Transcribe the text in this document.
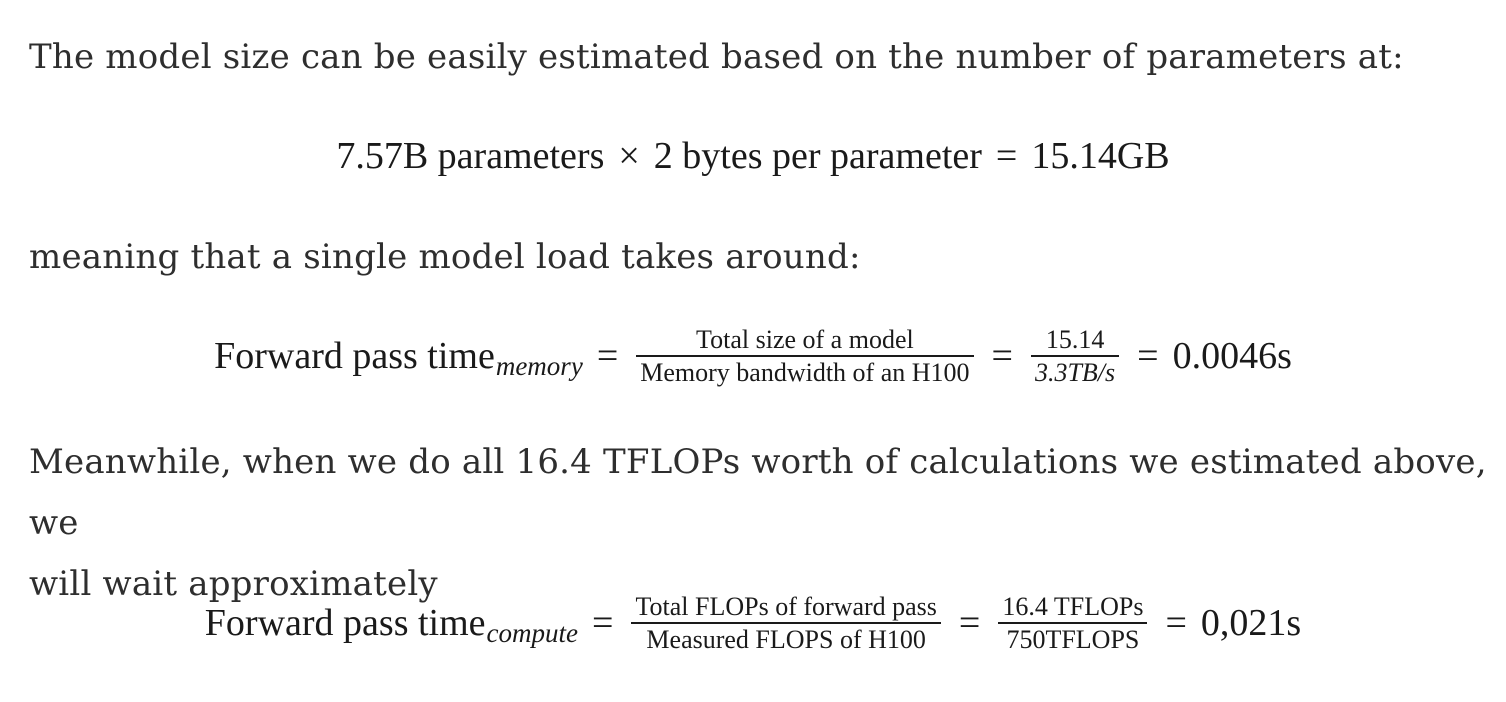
The model size can be easily estimated based on the number of parameters at:
7.57B parameters × 2 bytes per parameter = 15.14GB
meaning that a single model load takes around:
Forward pass time memory = $\frac{\text{Total size of a model}}{\text{Memory bandwidth of an H100}} = \frac{15.14}{3.3TB/s} = 0.0046s$
Meanwhile, when we do all 16.4 TFLOPs worth of calculations we estimated above, we
will wait approximately
Forward pass time compute = $\frac{\text{Total FLOPs of forward pass}}{\text{Measured FLOPS of H100}} = \frac{\text{16.4 TFLOPs}}{\text{750TFLOPS}} = 0,021s$
